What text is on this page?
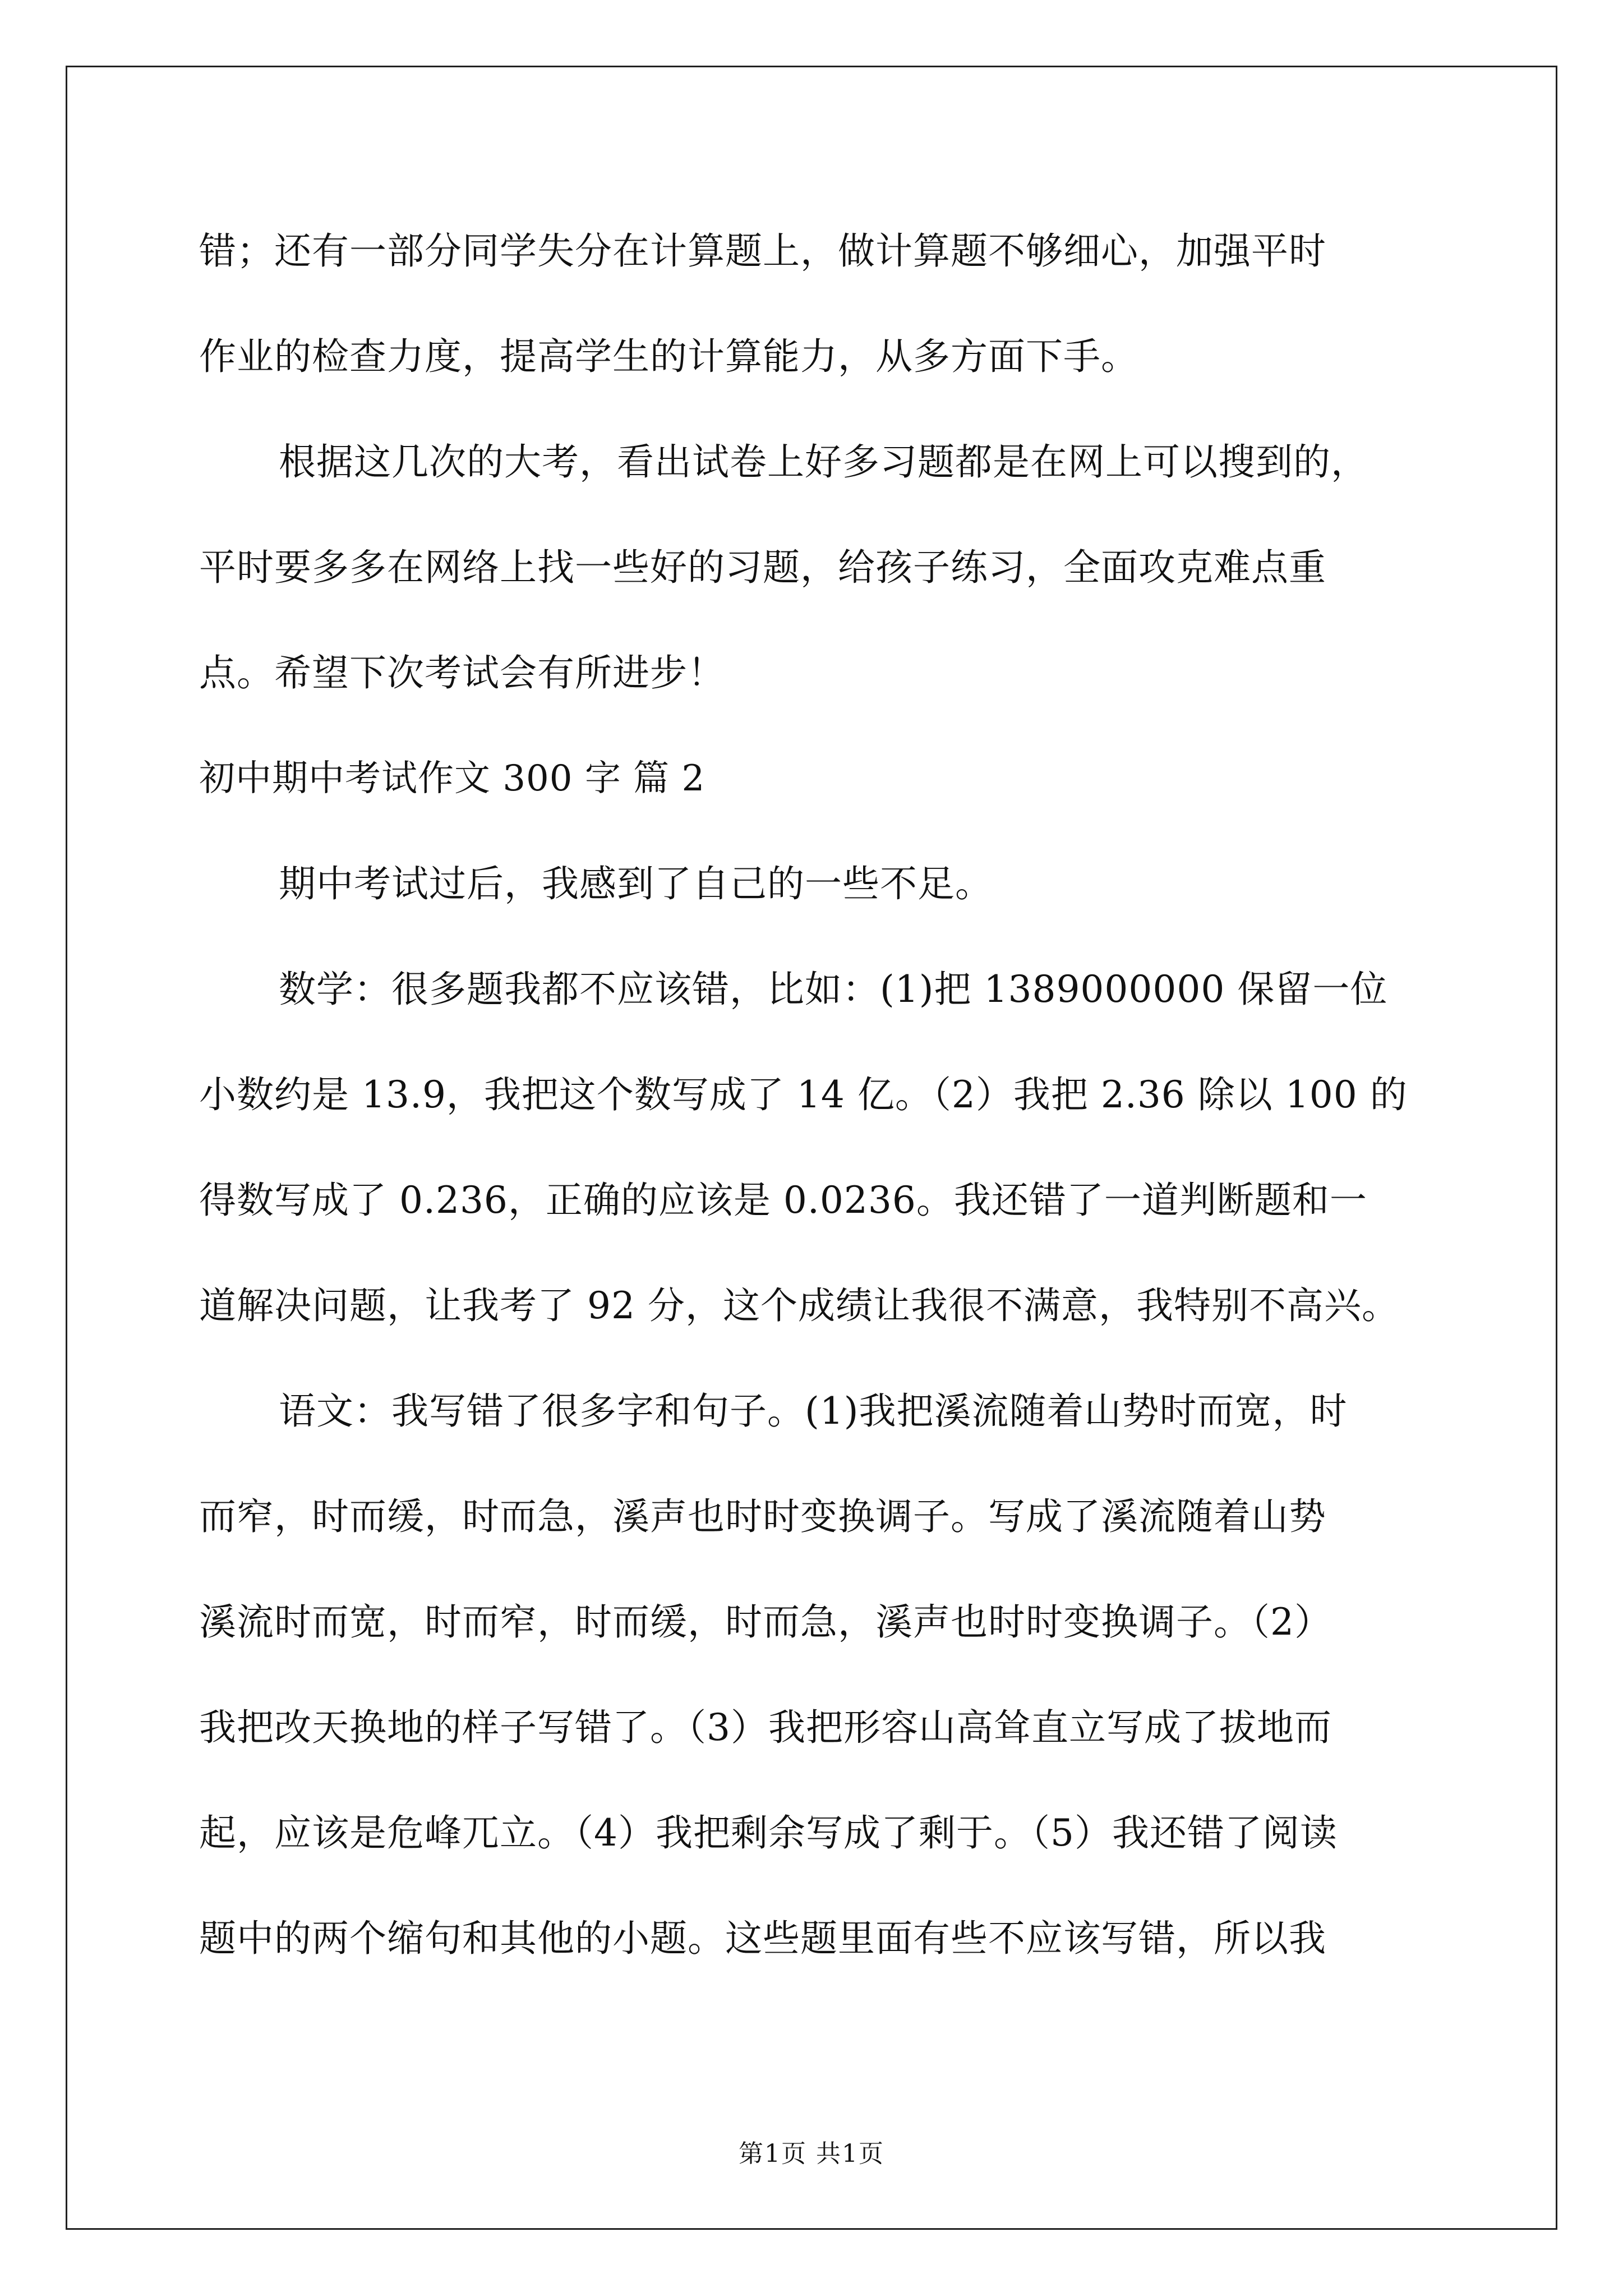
错；还有一部分同学失分在计算题上，做计算题不够细心，加强平时
作业的检查力度，提高学生的计算能力，从多方面下手。
根据这几次的大考，看出试卷上好多习题都是在网上可以搜到的，
平时要多多在网络上找一些好的习题，给孩子练习，全面攻克难点重
点。希望下次考试会有所进步！
初中期中考试作文 300 字 篇 2
期中考试过后，我感到了自己的一些不足。
数学：很多题我都不应该错，比如：(1)把 1389000000 保留一位
小数约是 13.9，我把这个数写成了 14 亿。（2）我把 2.36 除以 100 的
得数写成了 0.236，正确的应该是 0.0236。我还错了一道判断题和一
道解决问题，让我考了 92 分，这个成绩让我很不满意，我特别不高兴。
语文：我写错了很多字和句子。(1)我把溪流随着山势时而宽，时
而窄，时而缓，时而急，溪声也时时变换调子。写成了溪流随着山势
溪流时而宽，时而窄，时而缓，时而急，溪声也时时变换调子。（2）
我把改天换地的样子写错了。（3）我把形容山高耸直立写成了拔地而
起，应该是危峰兀立。（4）我把剩余写成了剩于。（5）我还错了阅读
题中的两个缩句和其他的小题。这些题里面有些不应该写错，所以我
第1页 共1页
